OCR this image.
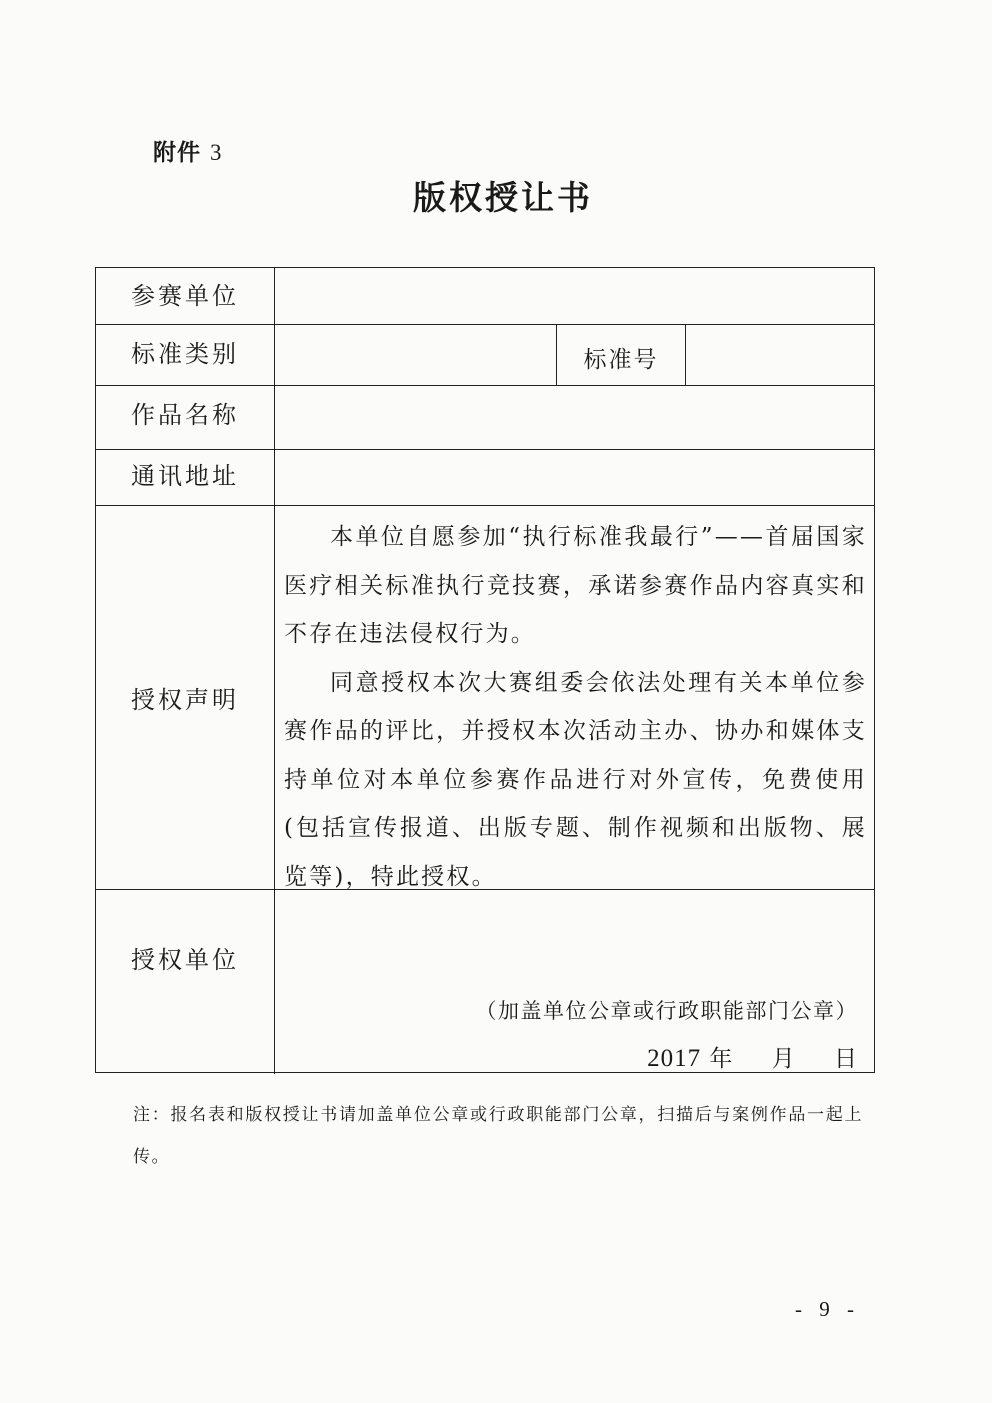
附件 3
版权授让书
参赛单位
标准类别	标准号
作品名称
通讯地址
授权声明

本单位自愿参加“执行标准我最行”——首届国家医疗相关标准执行竞技赛，承诺参赛作品内容真实和不存在违法侵权行为。

同意授权本次大赛组委会依法处理有关本单位参赛作品的评比，并授权本次活动主办、协办和媒体支持单位对本单位参赛作品进行对外宣传，免费使用(包括宣传报道、出版专题、制作视频和出版物、展览等)，特此授权。

授权单位
（加盖单位公章或行政职能部门公章）
2017 年 月 日
注：报名表和版权授让书请加盖单位公章或行政职能部门公章，扫描后与案例作品一起上传。
- 9 -
